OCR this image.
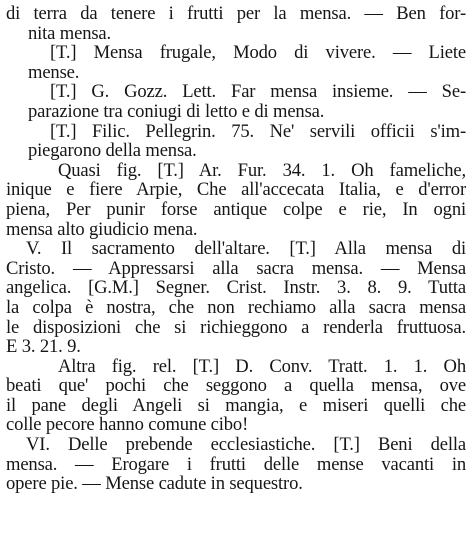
di terra da tenere i frutti per la mensa. — Ben for-
nita mensa.
[T.] Mensa frugale, Modo di vivere. — Liete
mense.
[T.] G. Gozz. Lett. Far mensa insieme. — Se-
parazione tra coniugi di letto e di mensa.
[T.] Filic. Pellegrin. 75. Ne' servili officii s'im-
piegarono della mensa.
Quasi fig. [T.] Ar. Fur. 34. 1. Oh fameliche,
inique e fiere Arpie, Che all'accecata Italia, e d'error
piena, Per punir forse antique colpe e rie, In ogni
mensa alto giudicio mena.
V. Il sacramento dell'altare. [T.] Alla mensa di
Cristo. — Appressarsi alla sacra mensa. — Mensa
angelica. [G.M.] Segner. Crist. Instr. 3. 8. 9. Tutta
la colpa è nostra, che non rechiamo alla sacra mensa
le disposizioni che si richieggono a renderla fruttuosa.
E 3. 21. 9.
Altra fig. rel. [T.] D. Conv. Tratt. 1. 1. Oh
beati que' pochi che seggono a quella mensa, ove
il pane degli Angeli si mangia, e miseri quelli che
colle pecore hanno comune cibo!
VI. Delle prebende ecclesiastiche. [T.] Beni della
mensa. — Erogare i frutti delle mense vacanti in
opere pie. — Mense cadute in sequestro.
